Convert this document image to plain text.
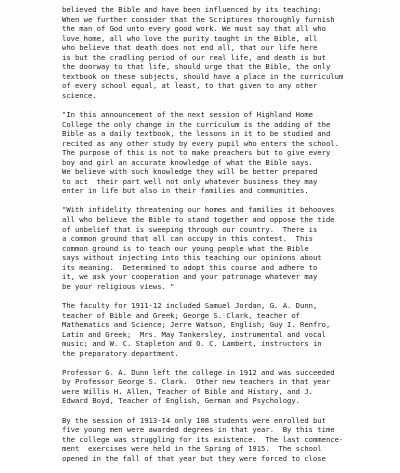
believed the Bible and have been influenced by its teaching:
When we further consider that the Scriptures thoroughly furnish
the man of God unto every good work. We must say that all who
love home, all who love the purity taught in the Bible, all
who believe that death does not end all, that our life here
is but the cradling period of our real life, and death is but
the doorway to that life, should urge that the Bible, the only
textbook on these subjects, should have a place in the curriculum
of every school equal, at least, to that given to any other
science.
"In this announcement of the next session of Highland Home
College the only change in the curriculum is the adding of the
Bible as a daily textbook, the lessons in it to be studied and
recited as any other study by every pupil who enters the school.
The purpose of this is not to make preachers but to give every
boy and girl an accurate knowledge of what the Bible says.
We believe with such knowledge they will be better prepared
to act  their part well not only whatever business they may
enter in life but also in their families and communities.
"With infidelity threatening our homes and families it behooves
all who believe the Bible to stand together and oppose the tide
of unbelief that is sweeping through our country.  There is
a common ground that all can occupy in this contest.  This
common ground is to teach our young people what the Bible
says without injecting into this teaching our opinions about
its meaning.  Determined to adopt this course and adhere to
it, we ask your cooperation and your patronage whatever may
be your religious views. "
The faculty for 1911-12 included Samuel Jordan, G. A. Dunn,
teacher of Bible and Greek; George S. Clark, teacher of
Mathematics and Science; Jerre Watson, English; Guy I. Renfro,
Latin and Greek;  Mrs. May Tankersley, instrumental and vocal
music; and W. C. Stapleton and O. C. Lambert, instructors in
the preparatory department.
Professor G. A. Dunn left the college in 1912 and was succeeded
by Professor George S. Clark.  Other new teachers in that year
were Willis H. Allen, Teacher of Bible and History, and J.
Edward Boyd, Teacher of English, German and Psychology.
By the session of 1913-14 only 108 students were enrolled but
five young men were awarded degrees in that year.  By this time
the college was struggling for its existence.  The last commence-
ment  exercises were held in the Spring of 1915.  The school
opened in the fall of that year but they were forced to close
